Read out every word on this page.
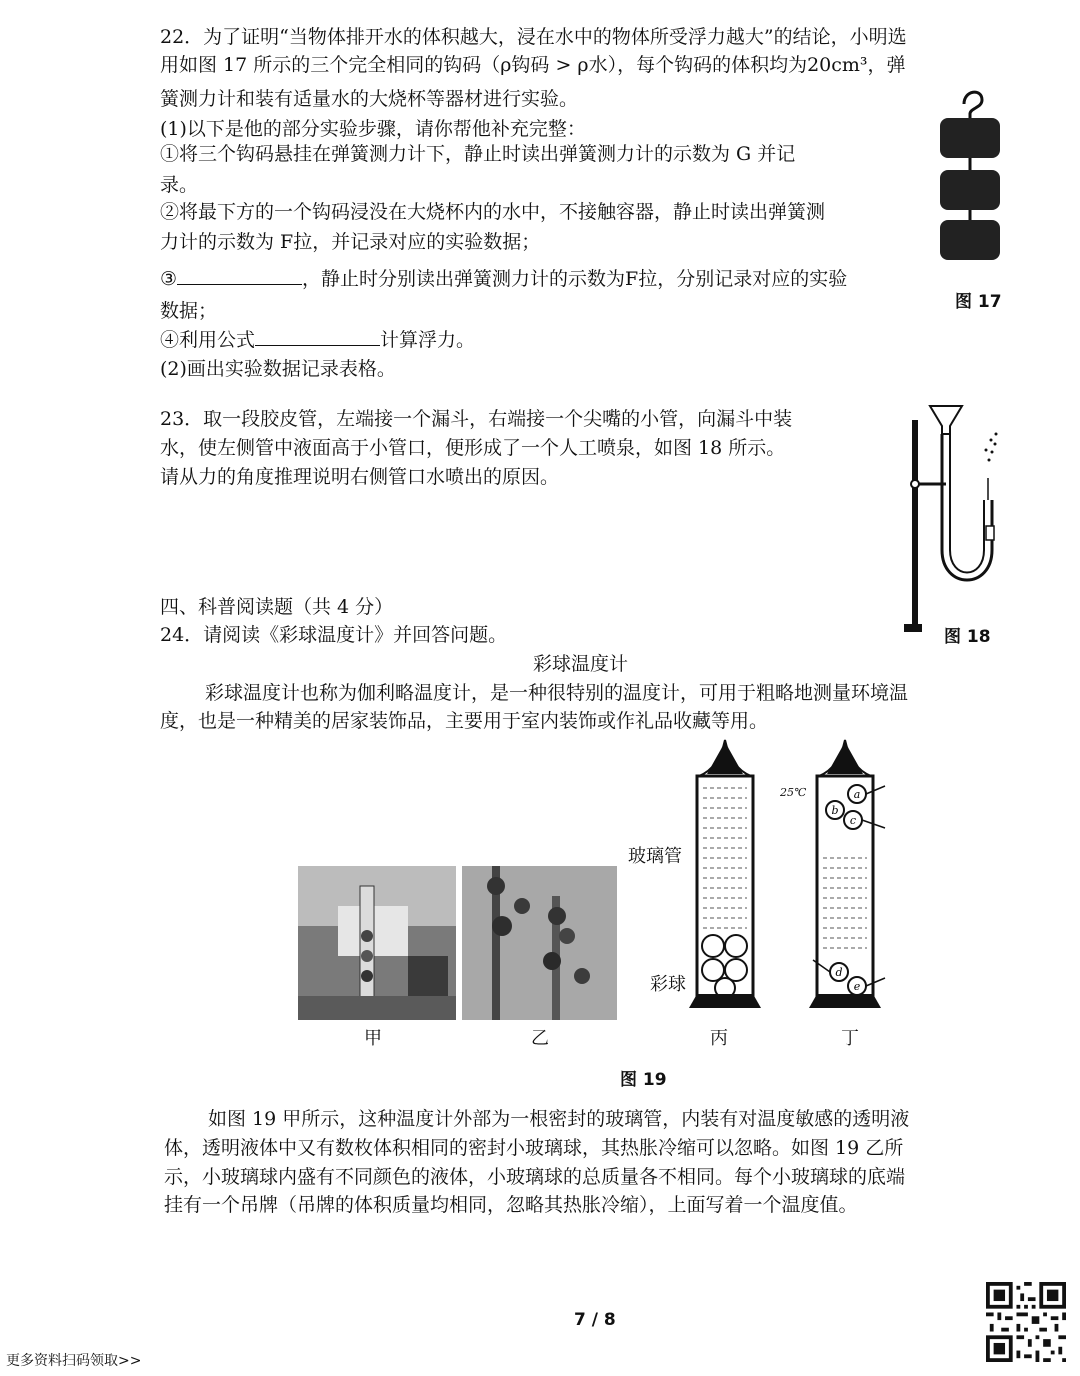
22．为了证明“当物体排开水的体积越大，浸在水中的物体所受浮力越大”的结论，小明选
用如图 17 所示的三个完全相同的钩码（ρ钩码 > ρ水），每个钩码的体积均为20cm³，弹
簧测力计和装有适量水的大烧杯等器材进行实验。
(1)以下是他的部分实验步骤，请你帮他补充完整：
①将三个钩码悬挂在弹簧测力计下，静止时读出弹簧测力计的示数为 G 并记
录。
②将最下方的一个钩码浸没在大烧杯内的水中，不接触容器，静止时读出弹簧测
力计的示数为 F拉，并记录对应的实验数据；
③	，静止时分别读出弹簧测力计的示数为F拉，分别记录对应的实验
数据；
④利用公式	计算浮力。
(2)画出实验数据记录表格。
图 17
23．取一段胶皮管，左端接一个漏斗，右端接一个尖嘴的小管，向漏斗中装
水，使左侧管中液面高于小管口，便形成了一个人工喷泉，如图 18 所示。
请从力的角度推理说明右侧管口水喷出的原因。
图 18
四、科普阅读题（共 4 分）
24．请阅读《彩球温度计》并回答问题。
彩球温度计
彩球温度计也称为伽利略温度计，是一种很特别的温度计，可用于粗略地测量环境温
度，也是一种精美的居家装饰品，主要用于室内装饰或作礼品收藏等用。
玻璃管
彩球
a
b
c
d
e
25℃
甲	乙	丙	丁
图 19
如图 19 甲所示，这种温度计外部为一根密封的玻璃管，内装有对温度敏感的透明液
体，透明液体中又有数枚体积相同的密封小玻璃球，其热胀冷缩可以忽略。如图 19 乙所
示，小玻璃球内盛有不同颜色的液体，小玻璃球的总质量各不相同。每个小玻璃球的底端
挂有一个吊牌（吊牌的体积质量均相同，忽略其热胀冷缩），上面写着一个温度值。
7 / 8
更多资料扫码领取>>
